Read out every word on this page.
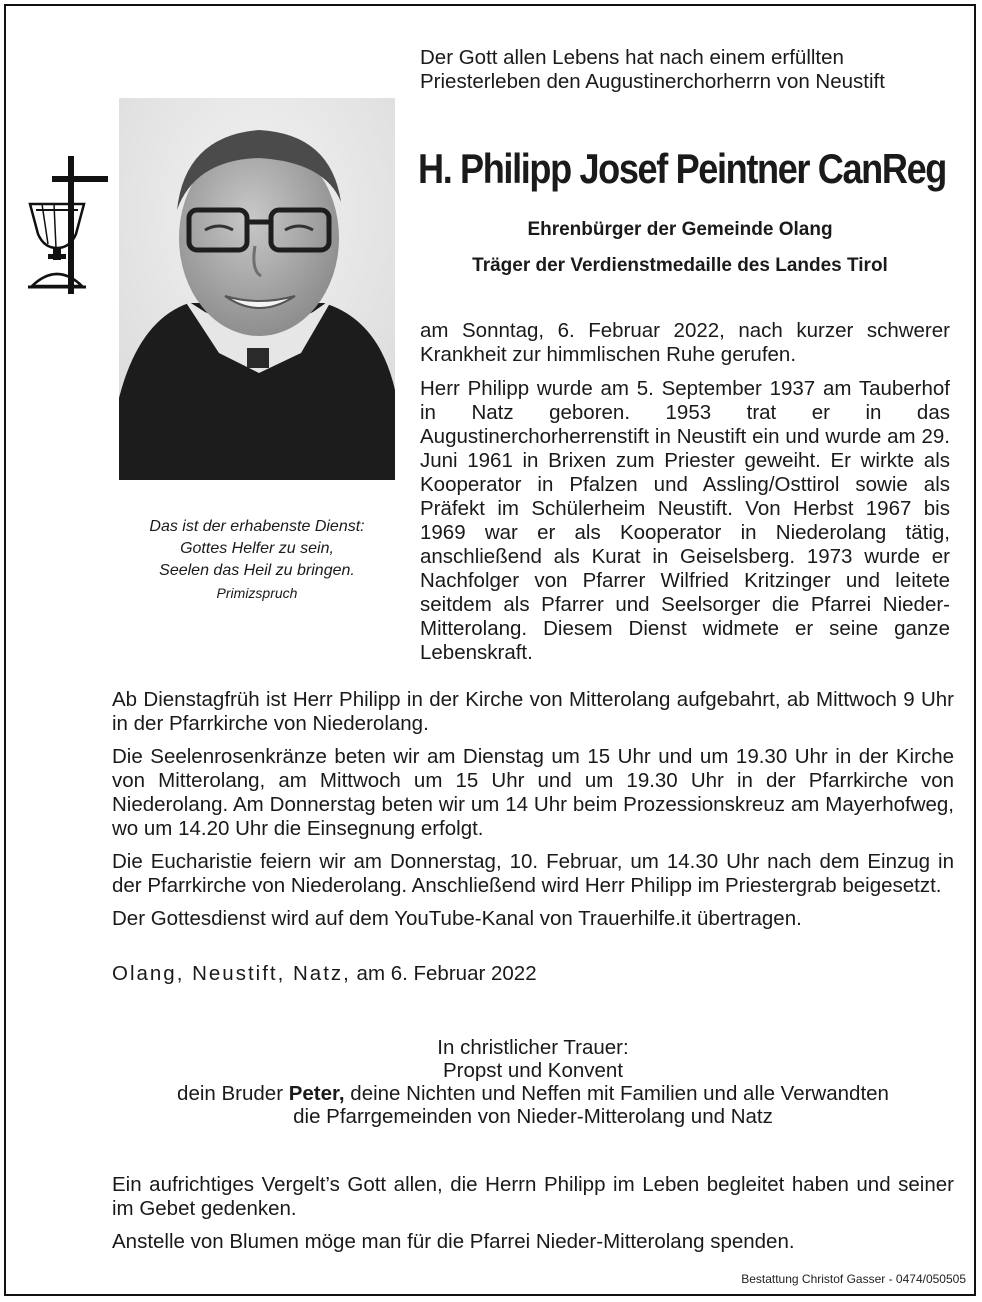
Der Gott allen Lebens hat nach einem erfüllten
Priesterleben den Augustinerchorherrn von Neustift
H. Philipp Josef Peintner CanReg
Ehrenbürger der Gemeinde Olang
Träger der Verdienstmedaille des Landes Tirol
Das ist der erhabenste Dienst:
Gottes Helfer zu sein,
Seelen das Heil zu bringen.
Primizspruch

am Sonntag, 6. Februar 2022, nach kurzer schwerer Krankheit zur himmlischen Ruhe gerufen.

Herr Philipp wurde am 5. September 1937 am Tauberhof in Natz geboren. 1953 trat er in das Augustinerchorherrenstift in Neustift ein und wurde am 29. Juni 1961 in Brixen zum Priester geweiht. Er wirkte als Kooperator in Pfalzen und Assling/Osttirol sowie als Präfekt im Schülerheim Neustift. Von Herbst 1967 bis 1969 war er als Kooperator in Niederolang tätig, anschließend als Kurat in Geiselsberg. 1973 wurde er Nachfolger von Pfarrer Wilfried Kritzinger und leitete seitdem als Pfarrer und Seelsorger die Pfarrei Nieder-Mitterolang. Diesem Dienst widmete er seine ganze Lebenskraft.

Ab Dienstagfrüh ist Herr Philipp in der Kirche von Mitterolang aufgebahrt, ab Mittwoch 9 Uhr in der Pfarrkirche von Niederolang.

Die Seelenrosenkränze beten wir am Dienstag um 15 Uhr und um 19.30 Uhr in der Kirche von Mitterolang, am Mittwoch um 15 Uhr und um 19.30 Uhr in der Pfarrkirche von Niederolang. Am Donnerstag beten wir um 14 Uhr beim Prozessionskreuz am Mayerhofweg, wo um 14.20 Uhr die Einsegnung erfolgt.

Die Eucharistie feiern wir am Donnerstag, 10. Februar, um 14.30 Uhr nach dem Einzug in der Pfarrkirche von Niederolang. Anschließend wird Herr Philipp im Priestergrab beigesetzt.

Der Gottesdienst wird auf dem YouTube-Kanal von Trauerhilfe.it übertragen.

Olang, Neustift, Natz, am 6. Februar 2022
In christlicher Trauer:
Propst und Konvent
dein Bruder Peter, deine Nichten und Neffen mit Familien und alle Verwandten
die Pfarrgemeinden von Nieder-Mitterolang und Natz

Ein aufrichtiges Vergelt’s Gott allen, die Herrn Philipp im Leben begleitet haben und seiner im Gebet gedenken.

Anstelle von Blumen möge man für die Pfarrei Nieder-Mitterolang spenden.

Bestattung Christof Gasser - 0474/050505
